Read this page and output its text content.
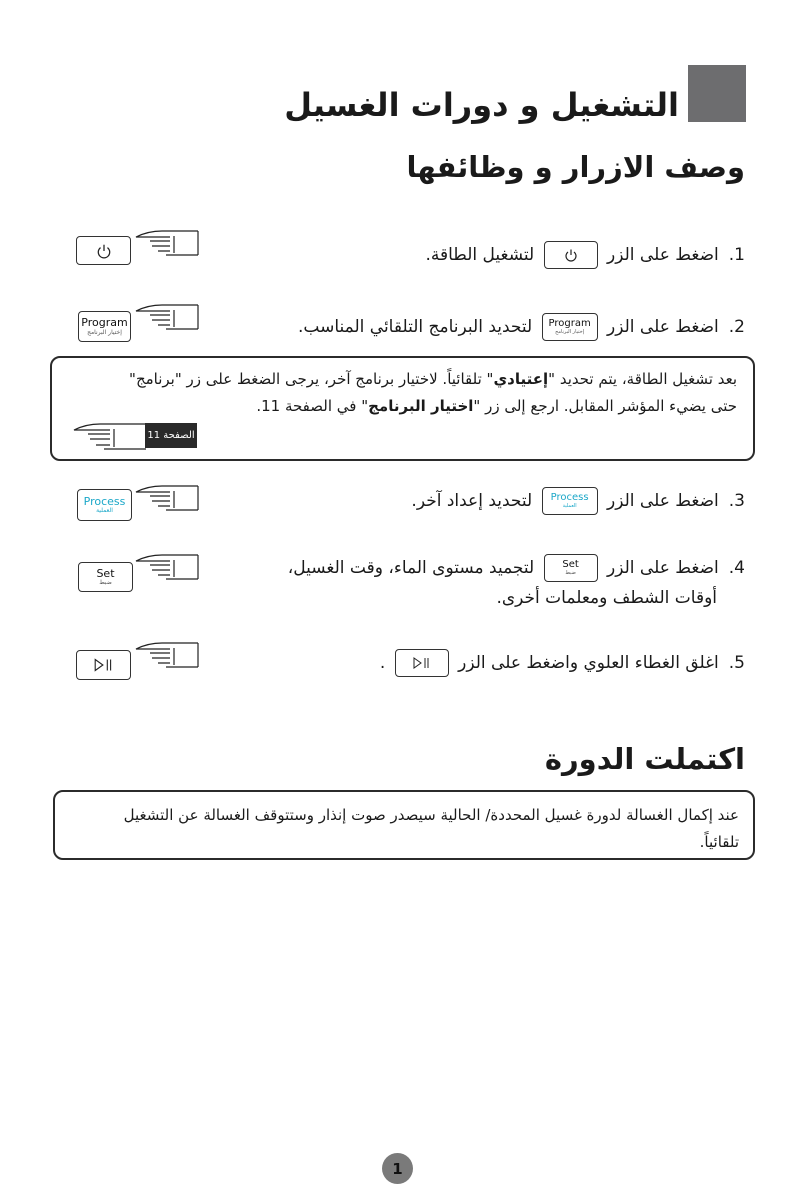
التشغيل و دورات الغسيل
وصف الازرار و وظائفها
1.اضغط على الزر
لتشغيل الطاقة.
2.اضغط على الزر
Program
إختيار البرنامج
لتحديد البرنامج التلقائي المناسب.

بعد تشغيل الطاقة، يتم تحديد "إعتيادي" تلقائياً. لاختيار برنامج آخر، يرجى الضغط على زر "برنامج"

حتى يضيء المؤشر المقابل. ارجع إلى زر "اختيار البرنامج" في الصفحة 11.

الصفحة 11
3.اضغط على الزر
Process
العملية
لتحديد إعداد آخر.
4.اضغط على الزر
Set
ضبط
لتجميد مستوى الماء، وقت الغسيل،
أوقات الشطف ومعلمات أخرى.
5.اغلق الغطاء العلوي واضغط على الزر
.
Program
إختيار البرنامج
Process
العملية
Set
ضبط
اكتملت الدورة

عند إكمال الغسالة لدورة غسيل المحددة/ الحالية سيصدر صوت إنذار وستتوقف الغسالة عن التشغيل

تلقائياً.

1
